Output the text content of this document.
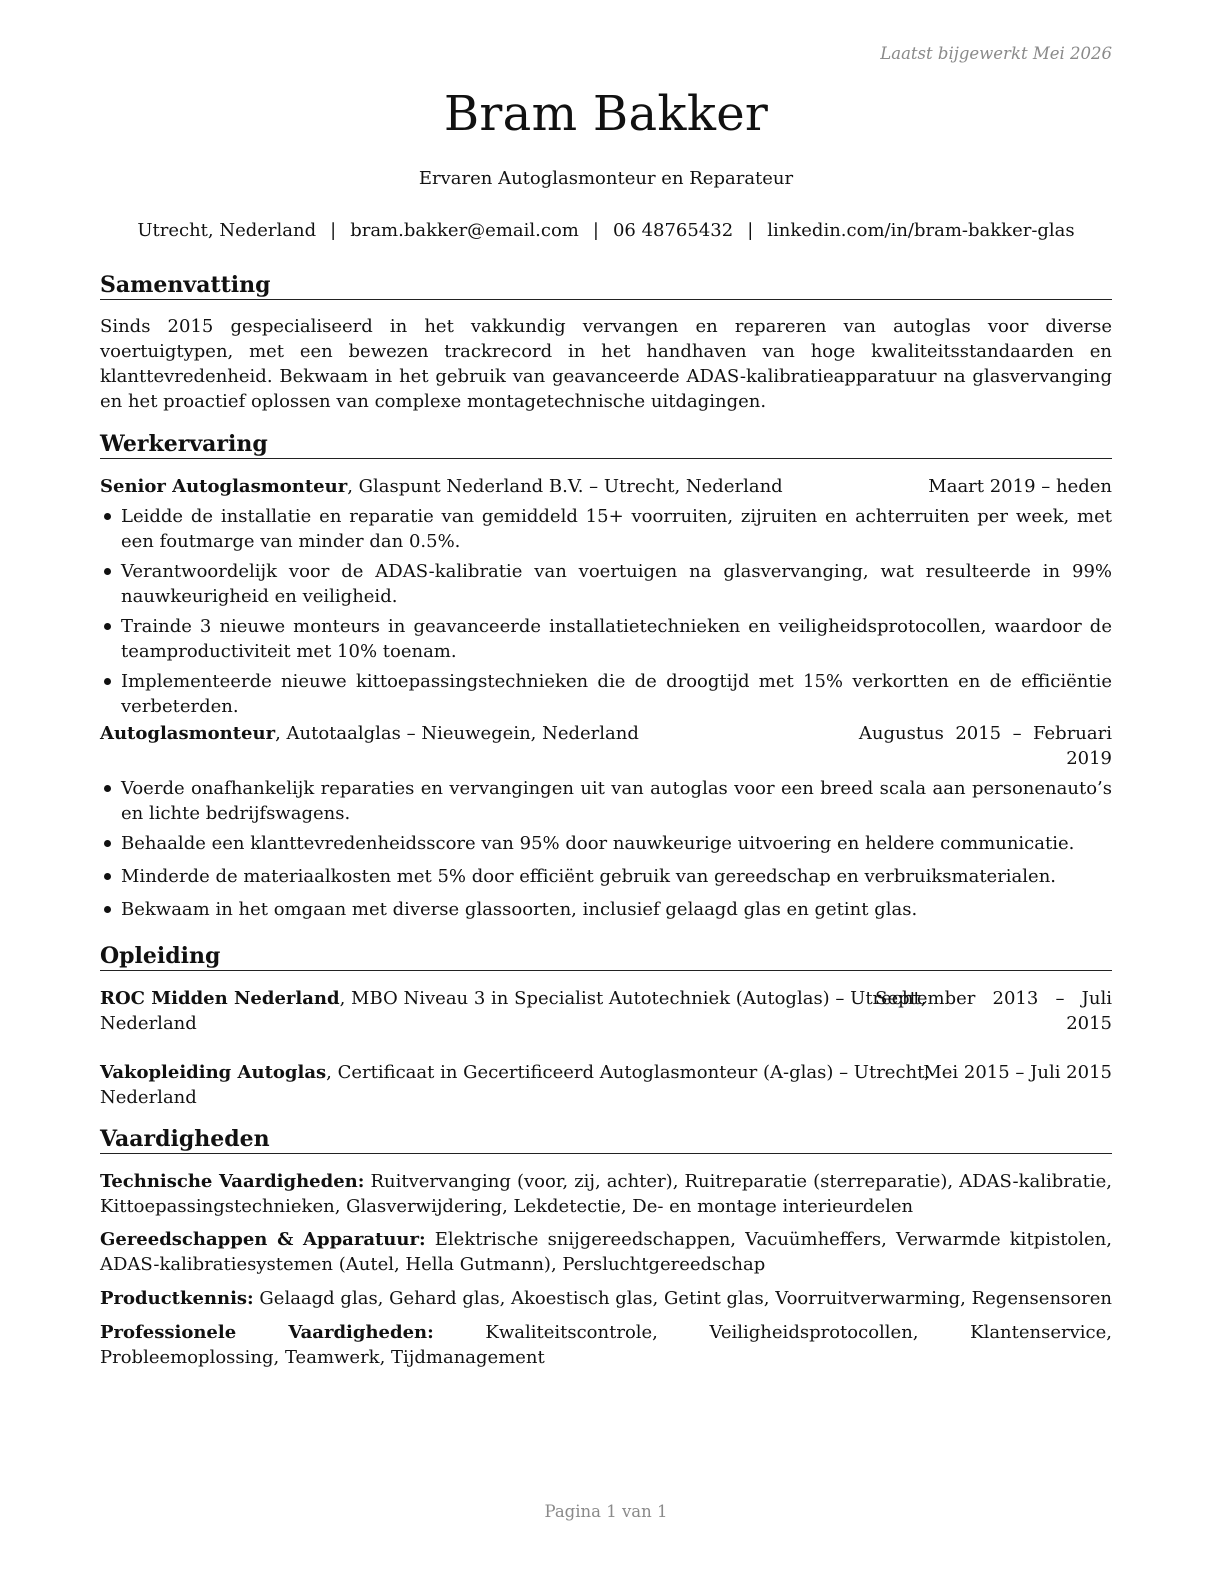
Laatst bijgewerkt Mei 2026
Bram Bakker
Ervaren Autoglasmonteur en Reparateur
Utrecht, Nederland | bram.bakker@email.com | 06 48765432 | linkedin.com/in/bram-bakker-glas
Samenvatting
Sinds 2015 gespecialiseerd in het vakkundig vervangen en repareren van autoglas voor diverse voertuigtypen, met een bewezen trackrecord in het handhaven van hoge kwaliteitsstandaarden en klanttevredenheid. Bekwaam in het gebruik van geavanceerde ADAS-kalibratieapparatuur na glasvervanging en het proactief oplossen van complexe montagetechnische uitdagingen.
Werkervaring
Senior Autoglasmonteur, Glaspunt Nederland B.V. – Utrecht, Nederland	Maart 2019 – heden
Leidde de installatie en reparatie van gemiddeld 15+ voorruiten, zijruiten en achterruiten per week, met een foutmarge van minder dan 0.5%.
Verantwoordelijk voor de ADAS-kalibratie van voertuigen na glasvervanging, wat resulteerde in 99% nauwkeurigheid en veiligheid.
Trainde 3 nieuwe monteurs in geavanceerde installatietechnieken en veiligheidsprotocollen, waardoor de teamproductiviteit met 10% toenam.
Implementeerde nieuwe kittoepassingstechnieken die de droogtijd met 15% verkortten en de efficiëntie verbeterden.
Autoglasmonteur, Autotaalglas – Nieuwegein, Nederland	Augustus  2015  –  Februari
2019
Voerde onafhankelijk reparaties en vervangingen uit van autoglas voor een breed scala aan personenauto’s en lichte bedrijfswagens.
Behaalde een klanttevredenheidsscore van 95% door nauwkeurige uitvoering en heldere communicatie.
Minderde de materiaalkosten met 5% door efficiënt gebruik van gereedschap en verbruiksmaterialen.
Bekwaam in het omgaan met diverse glassoorten, inclusief gelaagd glas en getint glas.
Opleiding
ROC Midden Nederland, MBO Niveau 3 in Specialist Autotechniek (Autoglas) – Utrecht,
Nederland
September   2013   –   Juli
2015
Vakopleiding Autoglas, Certificaat in Gecertificeerd Autoglasmonteur (A-glas) – Utrecht,
Nederland
Mei 2015 – Juli 2015
Vaardigheden
Technische Vaardigheden: Ruitvervanging (voor, zij, achter), Ruitreparatie (sterreparatie), ADAS-kalibratie, Kittoepassingstechnieken, Glasverwijdering, Lekdetectie, De- en montage interieurdelen
Gereedschappen & Apparatuur: Elektrische snijgereedschappen, Vacuümheffers, Verwarmde kitpistolen, ADAS-kalibratiesystemen (Autel, Hella Gutmann), Persluchtgereedschap
Productkennis: Gelaagd glas, Gehard glas, Akoestisch glas, Getint glas, Voorruitverwarming, Regensensoren
Professionele Vaardigheden: Kwaliteitscontrole, Veiligheidsprotocollen, Klantenservice, Probleemoplossing, Teamwerk, Tijdmanagement
Pagina 1 van 1
